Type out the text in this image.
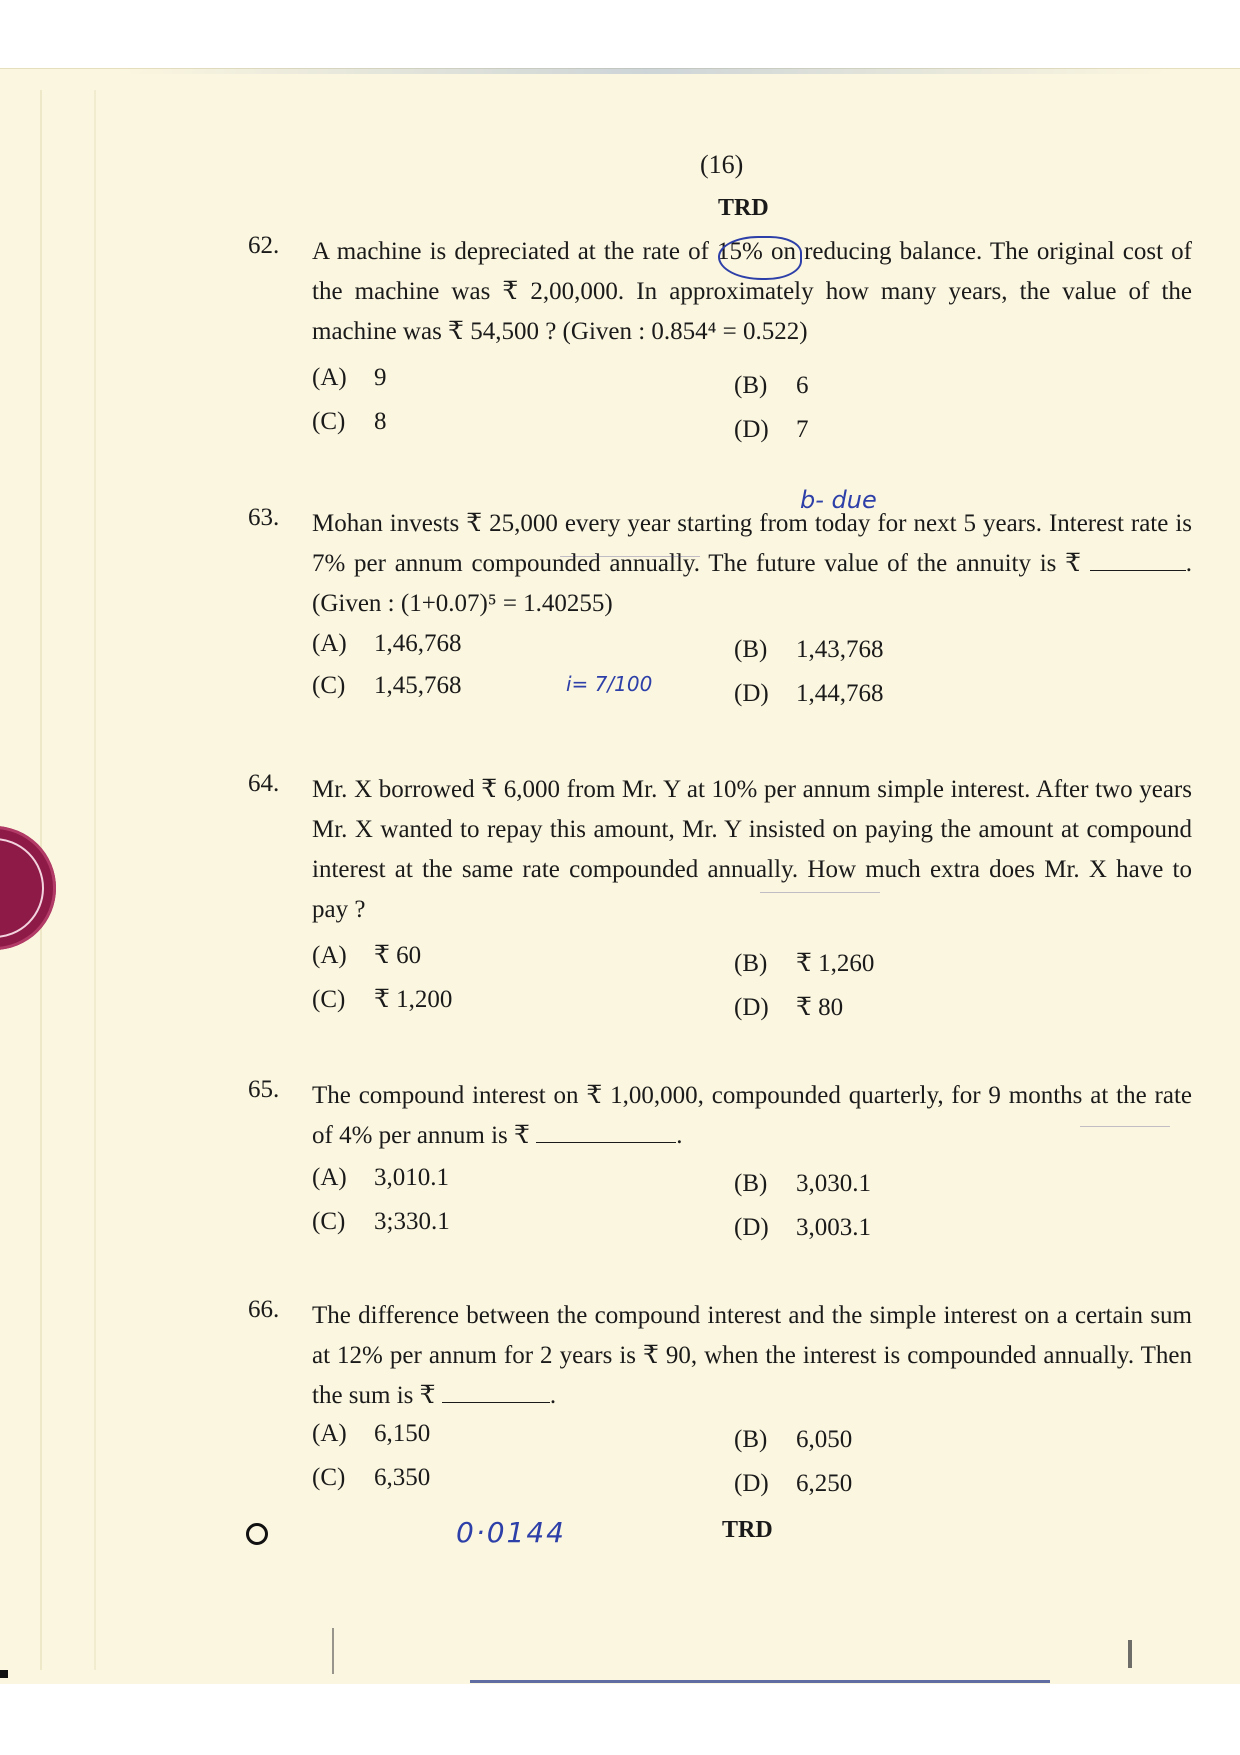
(16)
TRD
62. A machine is depreciated at the rate of 15% on reducing balance. The original cost of the machine was ₹ 2,00,000. In approximately how many years, the value of the machine was ₹ 54,500 ? (Given : 0.854⁴ = 0.522)
(A) 9	(B) 6
(C) 8	(D) 7
63. Mohan invests ₹ 25,000 every year starting from today for next 5 years. Interest rate is 7% per annum compounded annually. The future value of the annuity is ₹	. (Given : (1+0.07)⁵ = 1.40255)
(A) 1,46,768	(B) 1,43,768
(C) 1,45,768	(D) 1,44,768
b- due
i= 7/100
64. Mr. X borrowed ₹ 6,000 from Mr. Y at 10% per annum simple interest. After two years Mr. X wanted to repay this amount, Mr. Y insisted on paying the amount at compound interest at the same rate compounded annually. How much extra does Mr. X have to pay ?
(A) ₹ 60	(B) ₹ 1,260
(C) ₹ 1,200	(D) ₹ 80
65. The compound interest on ₹ 1,00,000, compounded quarterly, for 9 months at the rate of 4% per annum is ₹	.
(A) 3,010.1	(B) 3,030.1
(C) 3;330.1	(D) 3,003.1
66. The difference between the compound interest and the simple interest on a certain sum at 12% per annum for 2 years is ₹ 90, when the interest is compounded annually. Then the sum is ₹	.
(A) 6,150	(B) 6,050
(C) 6,350	(D) 6,250
0·0144	TRD
